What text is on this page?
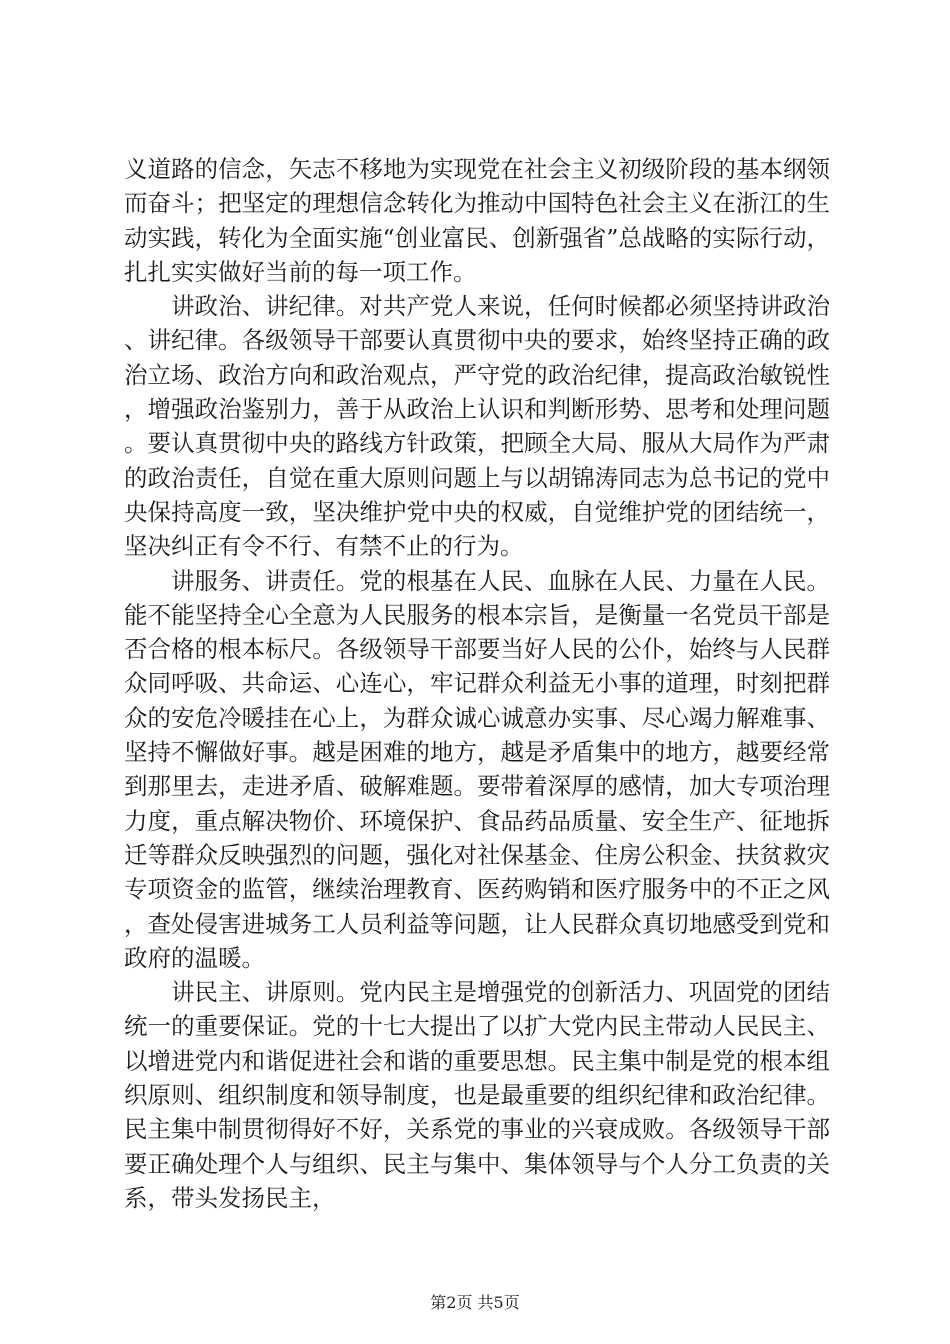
义道路的信念，矢志不移地为实现党在社会主义初级阶段的基本纲领而奋斗；把坚定的理想信念转化为推动中国特色社会主义在浙江的生动实践，转化为全面实施“创业富民、创新强省”总战略的实际行动，扎扎实实做好当前的每一项工作。

讲政治、讲纪律。对共产党人来说，任何时候都必须坚持讲政治、讲纪律。各级领导干部要认真贯彻中央的要求，始终坚持正确的政治立场、政治方向和政治观点，严守党的政治纪律，提高政治敏锐性，增强政治鉴别力，善于从政治上认识和判断形势、思考和处理问题。要认真贯彻中央的路线方针政策，把顾全大局、服从大局作为严肃的政治责任，自觉在重大原则问题上与以胡锦涛同志为总书记的党中央保持高度一致，坚决维护党中央的权威，自觉维护党的团结统一，坚决纠正有令不行、有禁不止的行为。

讲服务、讲责任。党的根基在人民、血脉在人民、力量在人民。能不能坚持全心全意为人民服务的根本宗旨，是衡量一名党员干部是否合格的根本标尺。各级领导干部要当好人民的公仆，始终与人民群众同呼吸、共命运、心连心，牢记群众利益无小事的道理，时刻把群众的安危冷暖挂在心上，为群众诚心诚意办实事、尽心竭力解难事、坚持不懈做好事。越是困难的地方，越是矛盾集中的地方，越要经常到那里去，走进矛盾、破解难题。要带着深厚的感情，加大专项治理力度，重点解决物价、环境保护、食品药品质量、安全生产、征地拆迁等群众反映强烈的问题，强化对社保基金、住房公积金、扶贫救灾专项资金的监管，继续治理教育、医药购销和医疗服务中的不正之风，查处侵害进城务工人员利益等问题，让人民群众真切地感受到党和政府的温暖。

讲民主、讲原则。党内民主是增强党的创新活力、巩固党的团结统一的重要保证。党的十七大提出了以扩大党内民主带动人民民主、以增进党内和谐促进社会和谐的重要思想。民主集中制是党的根本组织原则、组织制度和领导制度，也是最重要的组织纪律和政治纪律。民主集中制贯彻得好不好，关系党的事业的兴衰成败。各级领导干部要正确处理个人与组织、民主与集中、集体领导与个人分工负责的关系，带头发扬民主，

第2页 共5页
